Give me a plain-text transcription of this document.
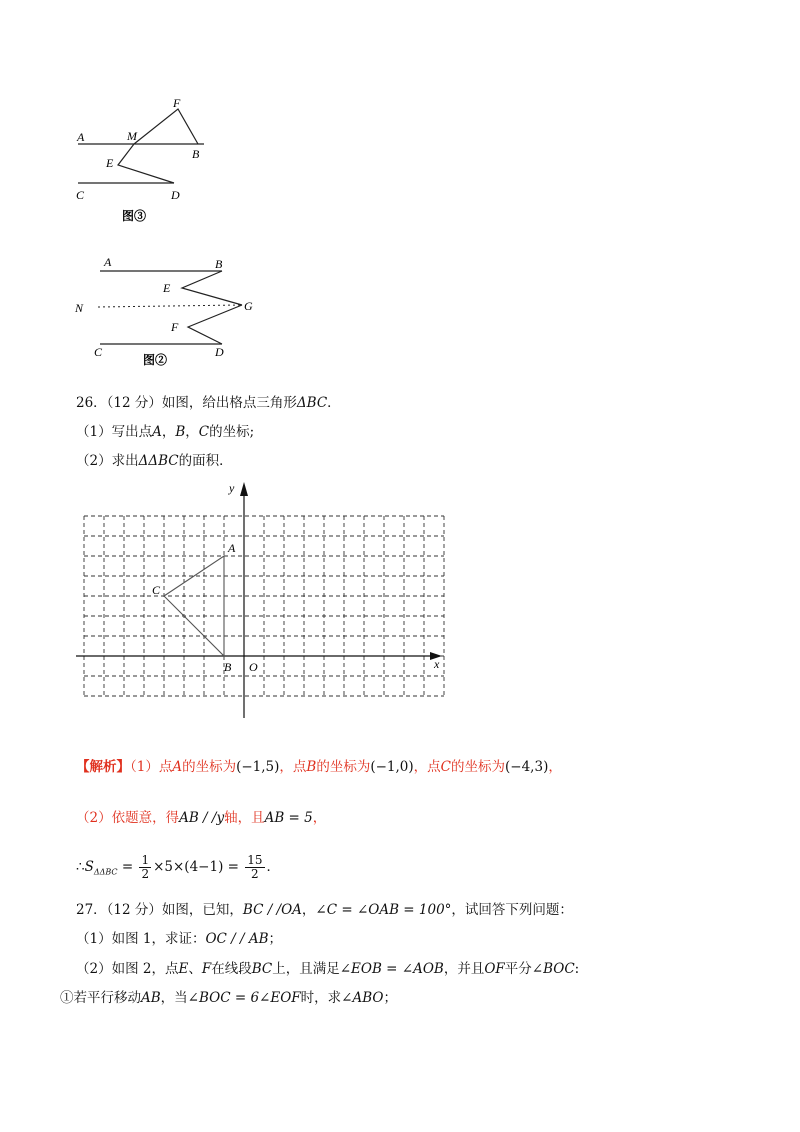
F
A	M
B
E
C	D
图③
A	B
E
N	G
F
C	D
图②
26．（12 分）如图，给出格点三角形ΔBC．
（1）写出点A，B，C的坐标;
（2）求出ΔΔBC的面积．
y
x
O
A
B
C
【解析】（1）点A的坐标为(−1,5)，点B的坐标为(−1,0)，点C的坐标为(−4,3)，
（2）依题意，得AB / /y轴，且AB = 5，
$\therefore S_{\Delta\Delta BC} = \frac{1}{2} \times 5\times(4-1) = \frac{15}{2}$ ．
27．（12 分）如图，已知，BC / /OA，∠C = ∠OAB = 100°，试回答下列问题：
（1）如图 1，求证：OC / / AB；
（2）如图 2，点E、F在线段BC上，且满足∠EOB = ∠AOB，并且OF平分∠BOC:
①若平行移动AB，当∠BOC = 6∠EOF时，求∠ABO；
